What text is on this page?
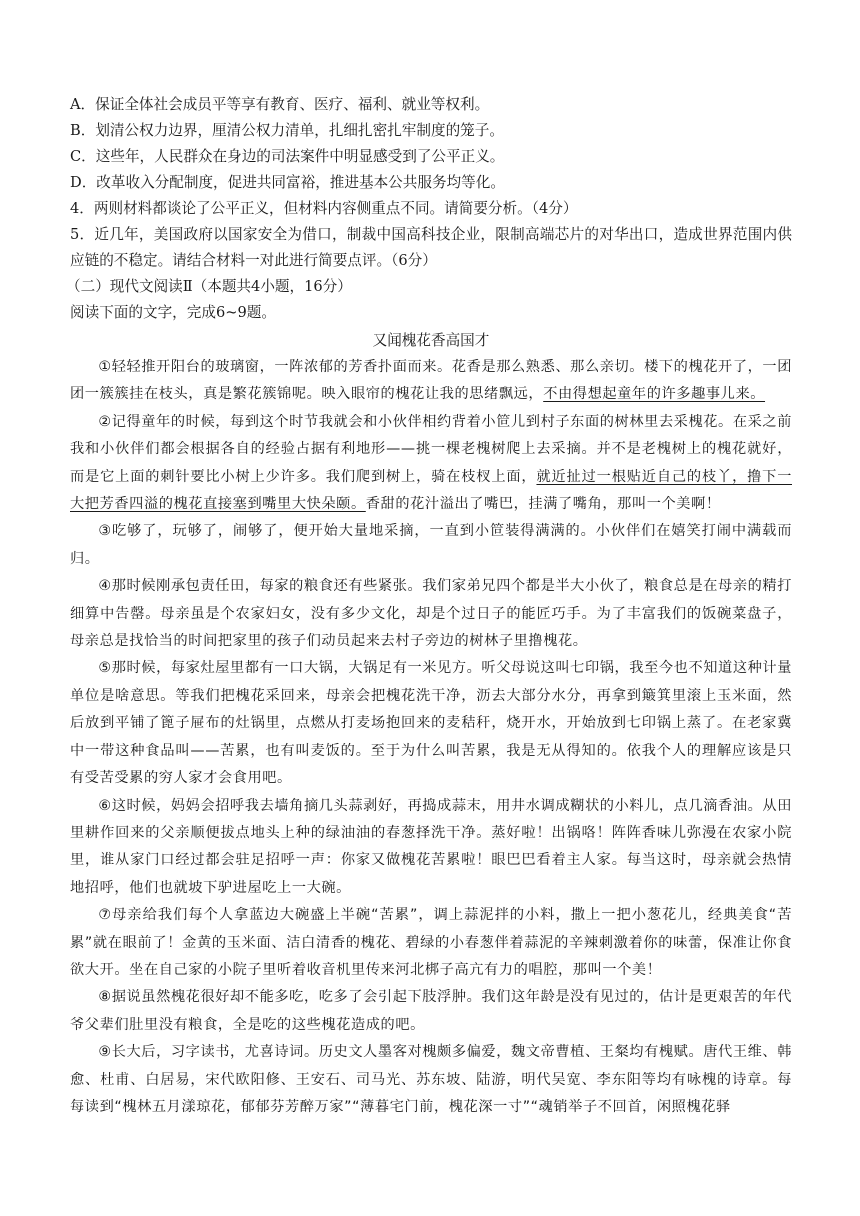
A．保证全体社会成员平等享有教育、医疗、福利、就业等权利。

B．划清公权力边界，厘清公权力清单，扎细扎密扎牢制度的笼子。

C．这些年，人民群众在身边的司法案件中明显感受到了公平正义。

D．改革收入分配制度，促进共同富裕，推进基本公共服务均等化。

4．两则材料都谈论了公平正义，但材料内容侧重点不同。请简要分析。（4分）

5．近几年，美国政府以国家安全为借口，制裁中国高科技企业，限制高端芯片的对华出口，造成世界范围内供应链的不稳定。请结合材料一对此进行简要点评。（6分）

（二）现代文阅读Ⅱ（本题共4小题，16分）

阅读下面的文字，完成6~9题。

又闻槐花香高国才

①轻轻推开阳台的玻璃窗，一阵浓郁的芳香扑面而来。花香是那么熟悉、那么亲切。楼下的槐花开了，一团团一簇簇挂在枝头，真是繁花簇锦呢。映入眼帘的槐花让我的思绪飘远，不由得想起童年的许多趣事儿来。

②记得童年的时候，每到这个时节我就会和小伙伴相约背着小笸儿到村子东面的树林里去采槐花。在采之前我和小伙伴们都会根据各自的经验占据有利地形——挑一棵老槐树爬上去采摘。并不是老槐树上的槐花就好，而是它上面的刺针要比小树上少许多。我们爬到树上，骑在枝杈上面，就近扯过一根贴近自己的枝丫，撸下一大把芳香四溢的槐花直接塞到嘴里大快朵颐。香甜的花汁溢出了嘴巴，挂满了嘴角，那叫一个美啊！

③吃够了，玩够了，闹够了，便开始大量地采摘，一直到小笸装得满满的。小伙伴们在嬉笑打闹中满载而归。

④那时候刚承包责任田，每家的粮食还有些紧张。我们家弟兄四个都是半大小伙了，粮食总是在母亲的精打细算中告罄。母亲虽是个农家妇女，没有多少文化，却是个过日子的能匠巧手。为了丰富我们的饭碗菜盘子，母亲总是找恰当的时间把家里的孩子们动员起来去村子旁边的树林子里撸槐花。

⑤那时候，每家灶屋里都有一口大锅，大锅足有一米见方。听父母说这叫七印锅，我至今也不知道这种计量单位是啥意思。等我们把槐花采回来，母亲会把槐花洗干净，沥去大部分水分，再拿到簸箕里滚上玉米面，然后放到平铺了篦子屉布的灶锅里，点燃从打麦场抱回来的麦秸秆，烧开水，开始放到七印锅上蒸了。在老家冀中一带这种食品叫——苦累，也有叫麦饭的。至于为什么叫苦累，我是无从得知的。依我个人的理解应该是只有受苦受累的穷人家才会食用吧。

⑥这时候，妈妈会招呼我去墙角摘几头蒜剥好，再捣成蒜末，用井水调成糊状的小料儿，点几滴香油。从田里耕作回来的父亲顺便拔点地头上种的绿油油的春葱择洗干净。蒸好啦！出锅咯！阵阵香味儿弥漫在农家小院里，谁从家门口经过都会驻足招呼一声：你家又做槐花苦累啦！眼巴巴看着主人家。每当这时，母亲就会热情地招呼，他们也就坡下驴进屋吃上一大碗。

⑦母亲给我们每个人拿蓝边大碗盛上半碗“苦累”，调上蒜泥拌的小料，撒上一把小葱花儿，经典美食“苦累”就在眼前了！金黄的玉米面、洁白清香的槐花、碧绿的小春葱伴着蒜泥的辛辣刺激着你的味蕾，保准让你食欲大开。坐在自己家的小院子里听着收音机里传来河北梆子高亢有力的唱腔，那叫一个美！

⑧据说虽然槐花很好却不能多吃，吃多了会引起下肢浮肿。我们这年龄是没有见过的，估计是更艰苦的年代爷父辈们肚里没有粮食，全是吃的这些槐花造成的吧。

⑨长大后，习字读书，尤喜诗词。历史文人墨客对槐颇多偏爱，魏文帝曹植、王粲均有槐赋。唐代王维、韩愈、杜甫、白居易，宋代欧阳修、王安石、司马光、苏东坡、陆游，明代吴宽、李东阳等均有咏槐的诗章。每每读到“槐林五月漾琼花，郁郁芬芳醉万家”“薄暮宅门前，槐花深一寸”“魂销举子不回首，闲照槐花驿
